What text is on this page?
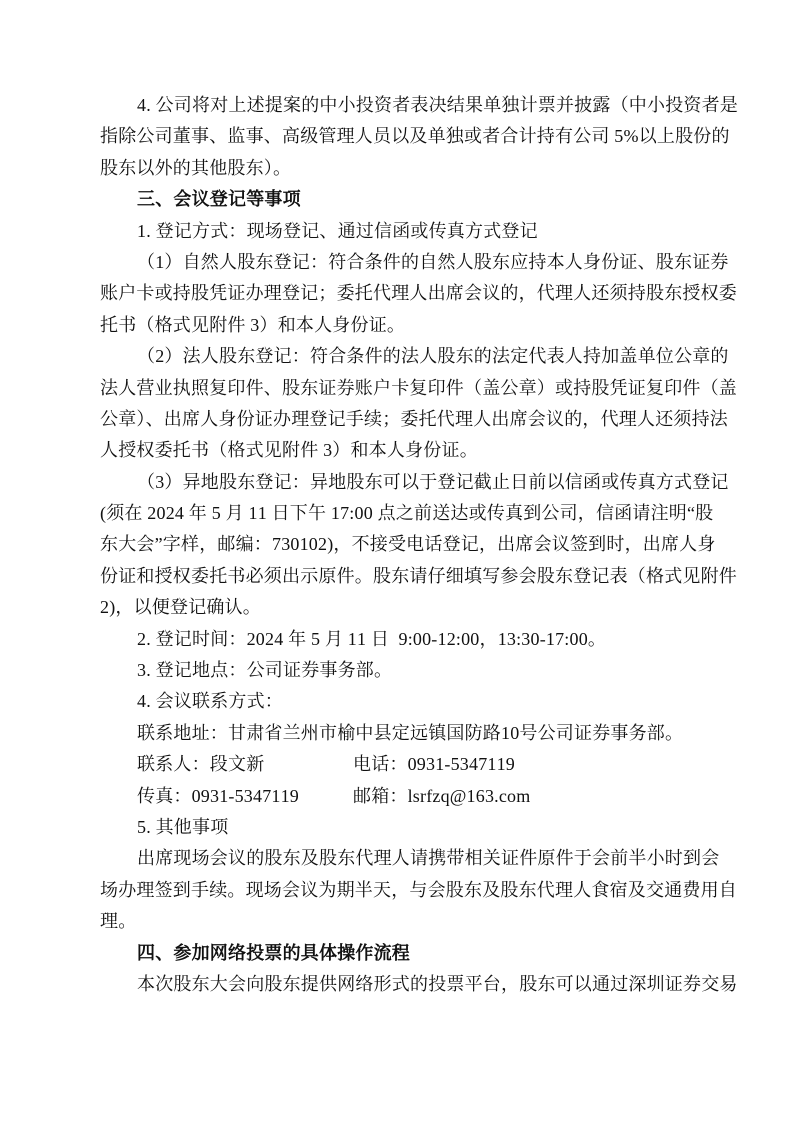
4. 公司将对上述提案的中小投资者表决结果单独计票并披露（中小投资者是
指除公司董事、监事、高级管理人员以及单独或者合计持有公司 5%以上股份的
股东以外的其他股东）。
三、会议登记等事项
1. 登记方式：现场登记、通过信函或传真方式登记
（1）自然人股东登记：符合条件的自然人股东应持本人身份证、股东证券
账户卡或持股凭证办理登记；委托代理人出席会议的，代理人还须持股东授权委
托书（格式见附件 3）和本人身份证。
（2）法人股东登记：符合条件的法人股东的法定代表人持加盖单位公章的
法人营业执照复印件、股东证券账户卡复印件（盖公章）或持股凭证复印件（盖
公章）、出席人身份证办理登记手续；委托代理人出席会议的，代理人还须持法
人授权委托书（格式见附件 3）和本人身份证。
（3）异地股东登记：异地股东可以于登记截止日前以信函或传真方式登记
(须在 2024 年 5 月 11 日下午 17:00 点之前送达或传真到公司，信函请注明“股
东大会”字样，邮编：730102)，不接受电话登记，出席会议签到时，出席人身
份证和授权委托书必须出示原件。股东请仔细填写参会股东登记表（格式见附件
2)，以便登记确认。
2. 登记时间：2024 年 5 月 11 日  9:00-12:00，13:30-17:00。
3. 登记地点：公司证券事务部。
4. 会议联系方式：
联系地址：甘肃省兰州市榆中县定远镇国防路10号公司证券事务部。
联系人：段文新	电话：0931-5347119
传真：0931-5347119	邮箱：lsrfzq@163.com
5. 其他事项
出席现场会议的股东及股东代理人请携带相关证件原件于会前半小时到会
场办理签到手续。现场会议为期半天，与会股东及股东代理人食宿及交通费用自
理。
四、参加网络投票的具体操作流程
本次股东大会向股东提供网络形式的投票平台，股东可以通过深圳证券交易
